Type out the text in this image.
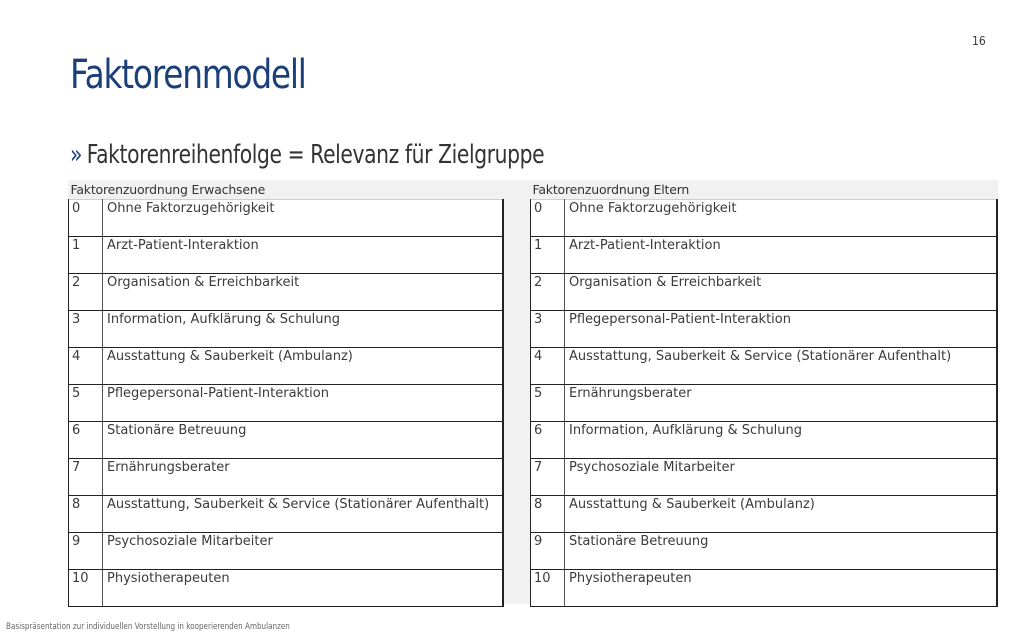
16
Faktorenmodell
» Faktorenreihenfolge = Relevanz für Zielgruppe
Faktorenzuordnung Erwachsene	
0	Ohne Faktorzugehörigkeit
1	Arzt-Patient-Interaktion
2	Organisation & Erreichbarkeit
3	Information, Aufklärung & Schulung
4	Ausstattung & Sauberkeit (Ambulanz)
5	Pflegepersonal-Patient-Interaktion
6	Stationäre Betreuung
7	Ernährungsberater
8	Ausstattung, Sauberkeit & Service (Stationärer Aufenthalt)
9	Psychosoziale Mitarbeiter
10	Physiotherapeuten
Faktorenzuordnung Eltern	
0	Ohne Faktorzugehörigkeit
1	Arzt-Patient-Interaktion
2	Organisation & Erreichbarkeit
3	Pflegepersonal-Patient-Interaktion
4	Ausstattung, Sauberkeit & Service (Stationärer Aufenthalt)
5	Ernährungsberater
6	Information, Aufklärung & Schulung
7	Psychosoziale Mitarbeiter
8	Ausstattung & Sauberkeit (Ambulanz)
9	Stationäre Betreuung
10	Physiotherapeuten
Basispräsentation zur individuellen Vorstellung in kooperierenden Ambulanzen
